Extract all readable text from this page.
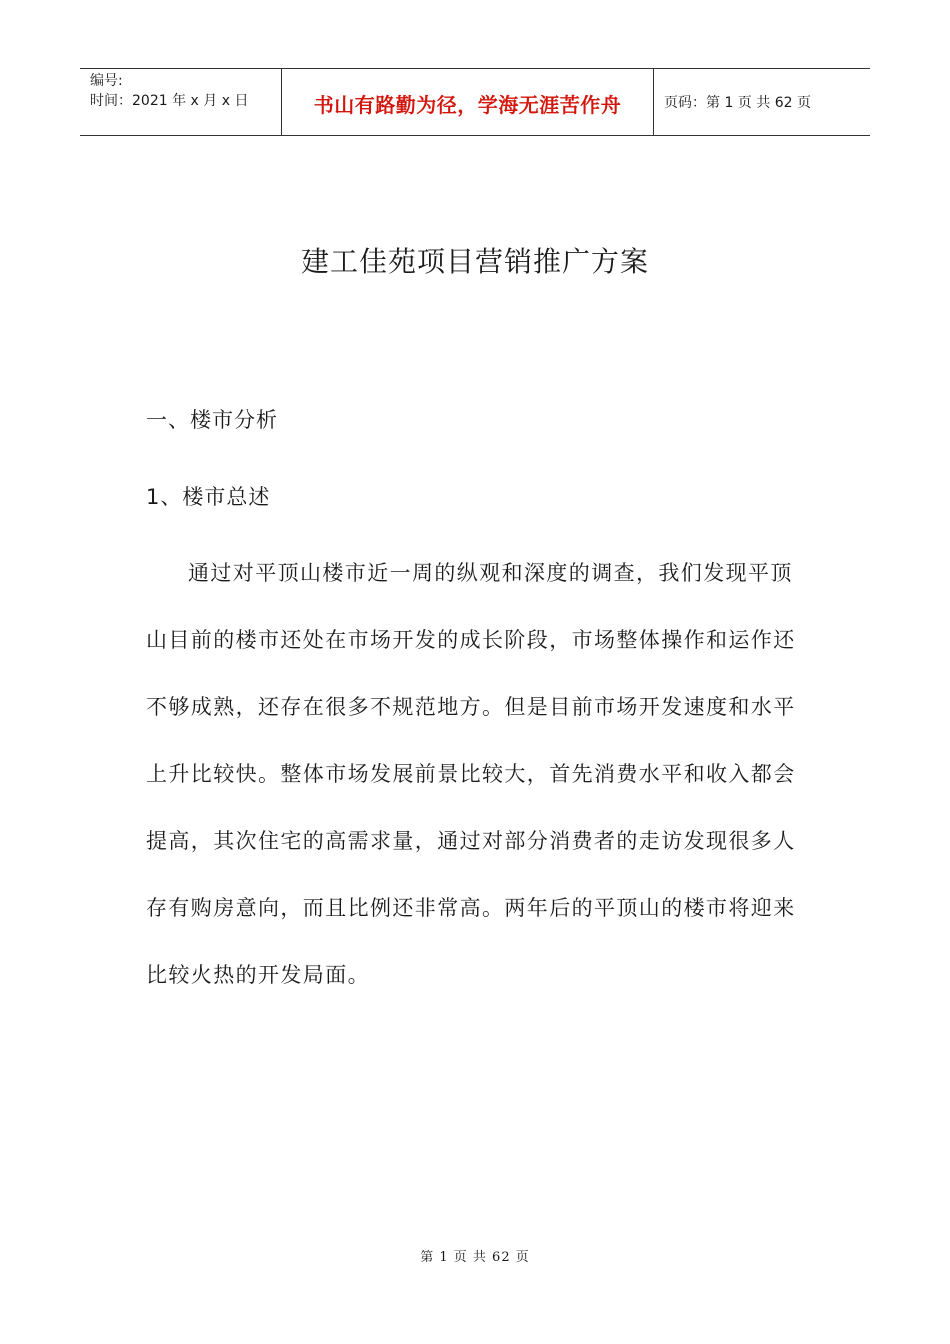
编号:
时间：2021 年 x 月 x 日	书山有路勤为径，学海无涯苦作舟	页码：第 1 页 共 62 页
建工佳苑项目营销推广方案
一、楼市分析
1、楼市总述
通过对平顶山楼市近一周的纵观和深度的调查，我们发现平顶
山目前的楼市还处在市场开发的成长阶段，市场整体操作和运作还
不够成熟，还存在很多不规范地方。但是目前市场开发速度和水平
上升比较快。整体市场发展前景比较大，首先消费水平和收入都会
提高，其次住宅的高需求量，通过对部分消费者的走访发现很多人
存有购房意向，而且比例还非常高。两年后的平顶山的楼市将迎来
比较火热的开发局面。
第 1 页 共 62 页
